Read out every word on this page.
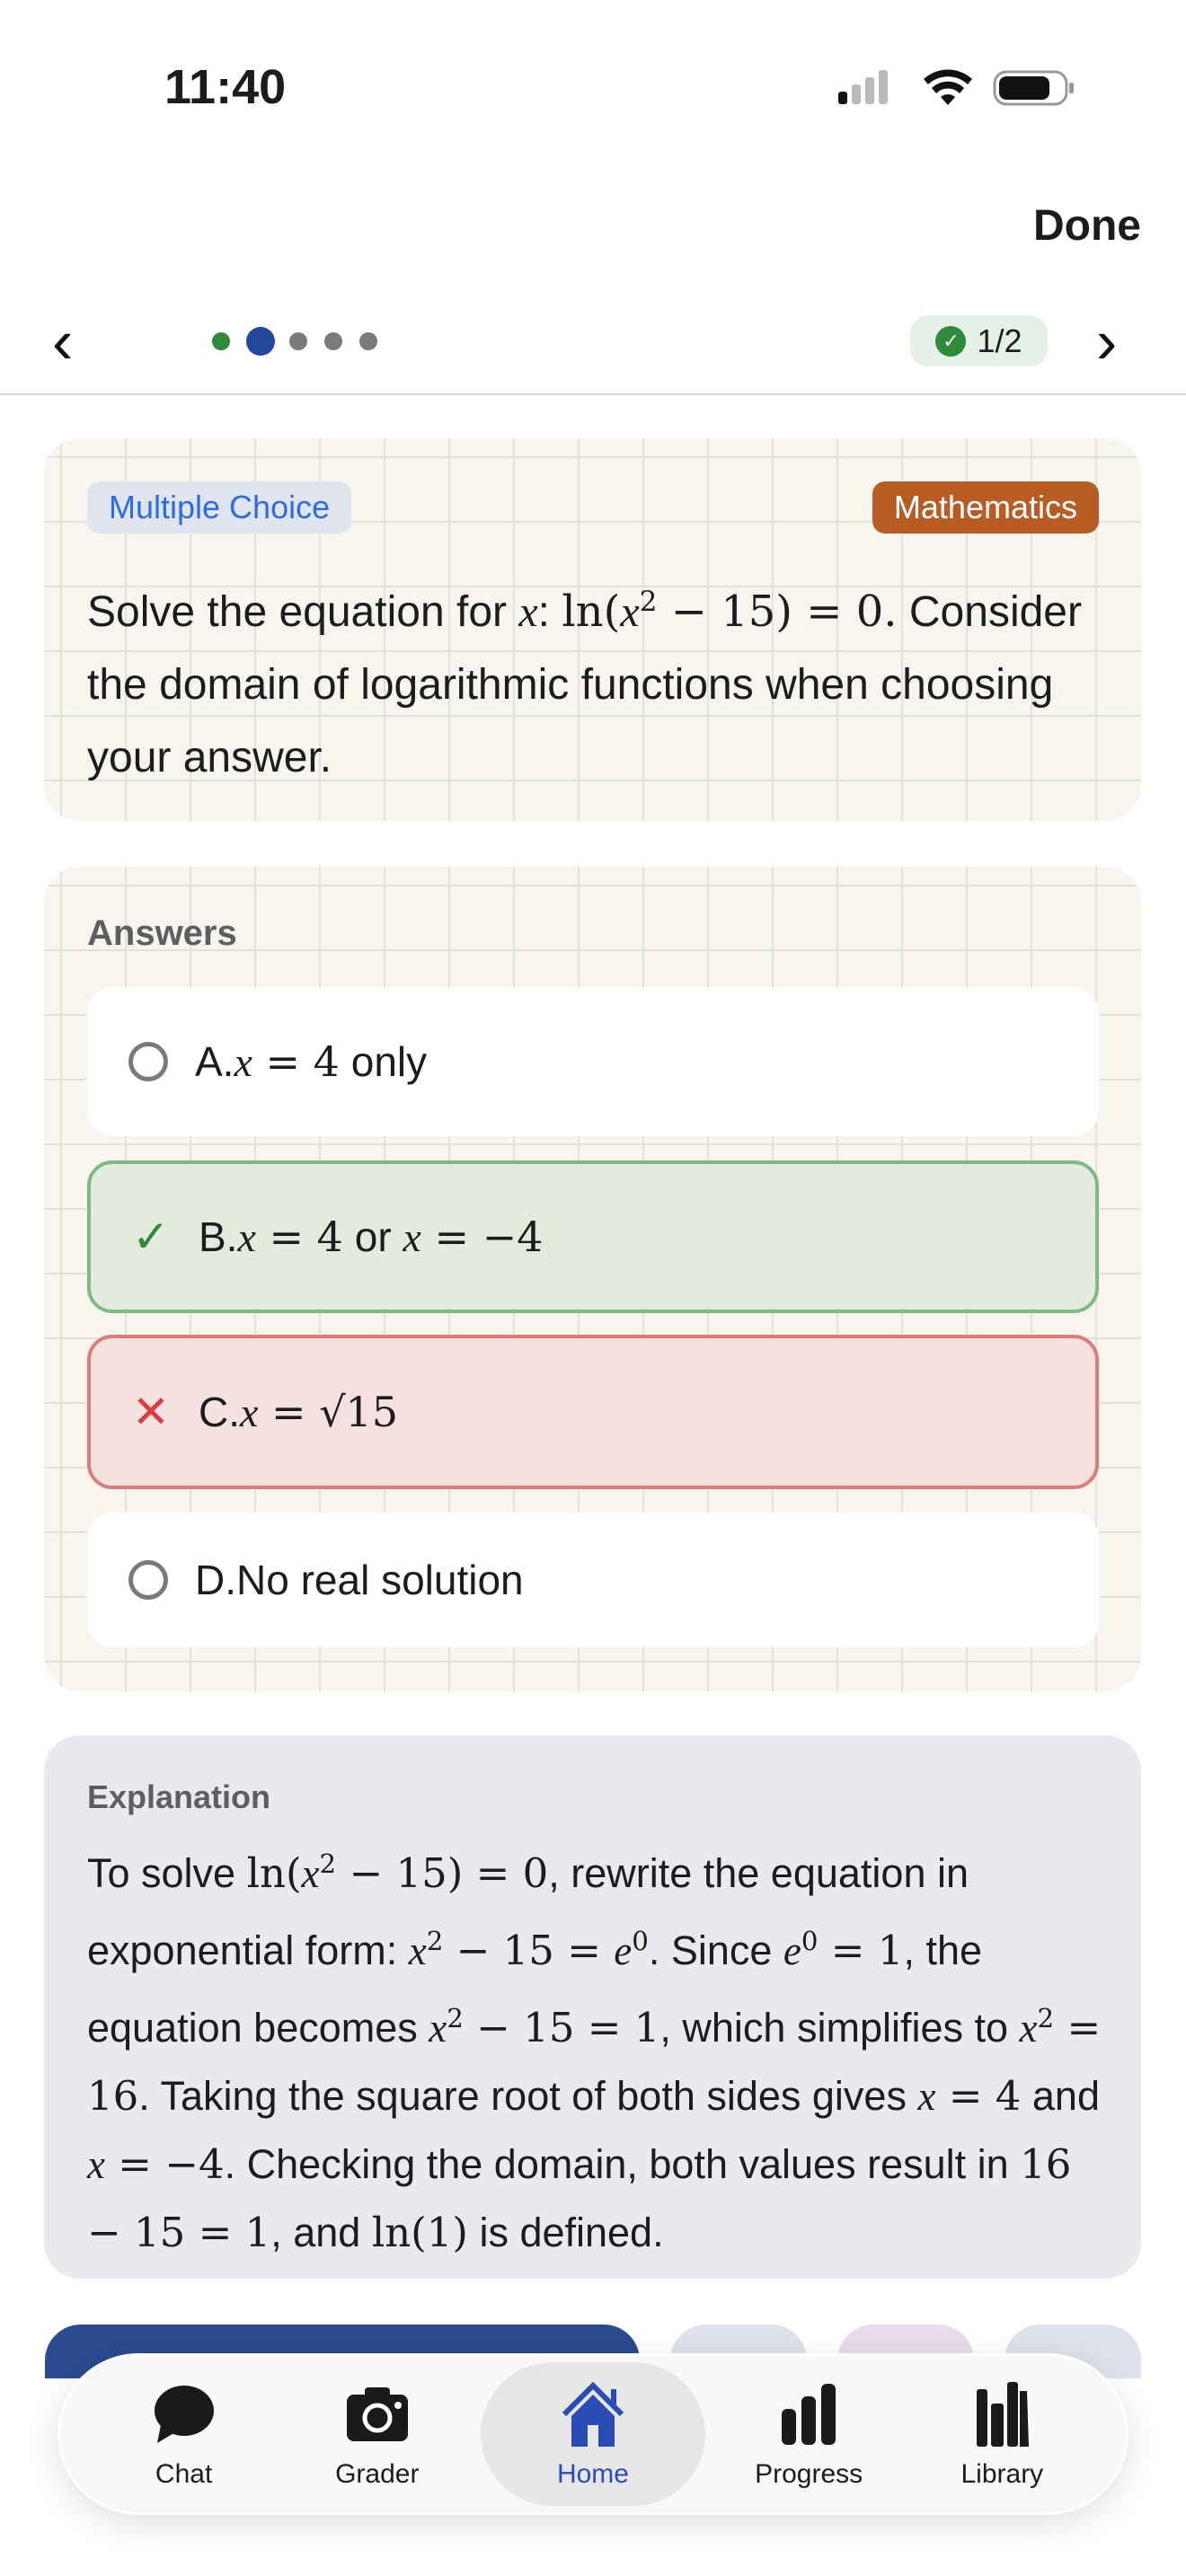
11:40
Done
‹	✓ 1/2 ›
Multiple Choice	Mathematics
Solve the equation for x: $\ln(x^2 - 15) = 0$. Consider the domain of logarithmic functions when choosing your answer.
Answers
A. x = 4 only
✓ B. x = 4 or x = −4
✕ C. x = √15
D. No real solution
Explanation
To solve $\ln(x^2 - 15) = 0$, rewrite the equation in exponential form: $x^2 - 15 = e^0$. Since $e^0 = 1$, the equation becomes $x^2 - 15 = 1$, which simplifies to $x^2 = 16$. Taking the square root of both sides gives x = 4 and x = −4. Checking the domain, both values result in 16 − 15 = 1, and ln(1) is defined.
Chat	Grader	Home	Progress	Library
